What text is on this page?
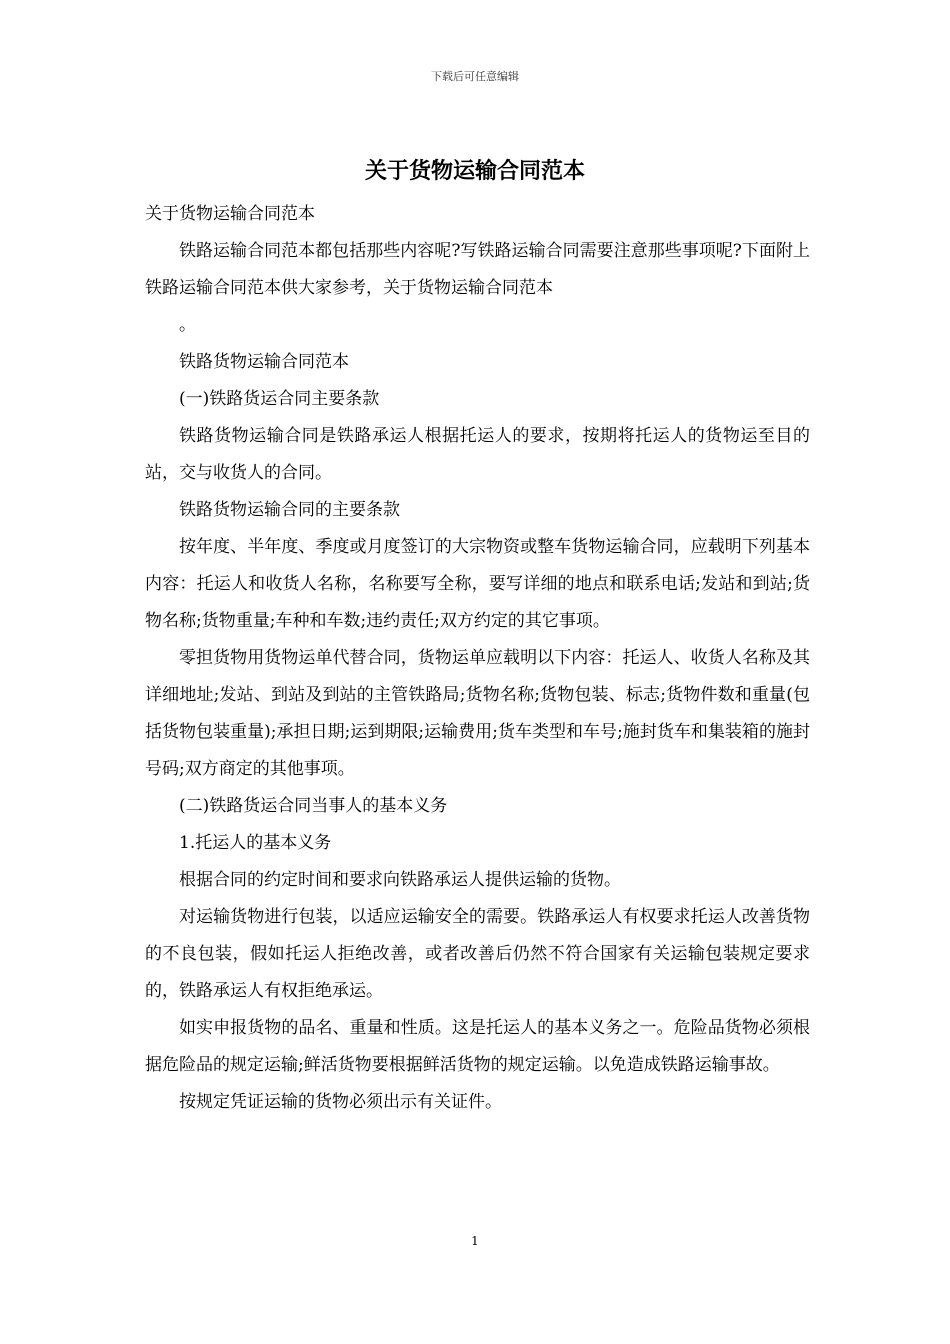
下载后可任意编辑
关于货物运输合同范本

关于货物运输合同范本

铁路运输合同范本都包括那些内容呢?写铁路运输合同需要注意那些事项呢?下面附上铁路运输合同范本供大家参考，关于货物运输合同范本

。

铁路货物运输合同范本

(一)铁路货运合同主要条款

铁路货物运输合同是铁路承运人根据托运人的要求，按期将托运人的货物运至目的站，交与收货人的合同。

铁路货物运输合同的主要条款

按年度、半年度、季度或月度签订的大宗物资或整车货物运输合同，应载明下列基本内容：托运人和收货人名称，名称要写全称，要写详细的地点和联系电话;发站和到站;货物名称;货物重量;车种和车数;违约责任;双方约定的其它事项。

零担货物用货物运单代替合同，货物运单应载明以下内容：托运人、收货人名称及其详细地址;发站、到站及到站的主管铁路局;货物名称;货物包装、标志;货物件数和重量(包括货物包装重量);承担日期;运到期限;运输费用;货车类型和车号;施封货车和集装箱的施封号码;双方商定的其他事项。

(二)铁路货运合同当事人的基本义务

1.托运人的基本义务

根据合同的约定时间和要求向铁路承运人提供运输的货物。

对运输货物进行包装，以适应运输安全的需要。铁路承运人有权要求托运人改善货物的不良包装，假如托运人拒绝改善，或者改善后仍然不符合国家有关运输包装规定要求的，铁路承运人有权拒绝承运。

如实申报货物的品名、重量和性质。这是托运人的基本义务之一。危险品货物必须根据危险品的规定运输;鲜活货物要根据鲜活货物的规定运输。以免造成铁路运输事故。

按规定凭证运输的货物必须出示有关证件。

1
